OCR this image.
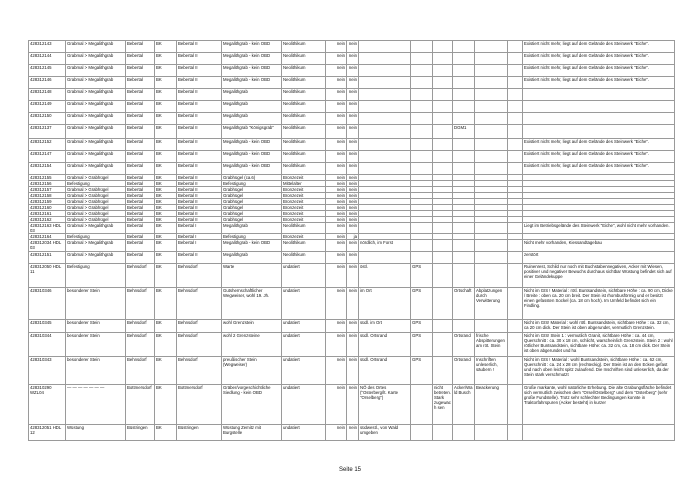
428312143	Grabmal > Megalithgrab	Bebertal	BK	Bebertal II	Megalithgrab - kein OBD	Neolithikum	nein	nein							Existiert nicht mehr, liegt auf dem Gelände des Steinwerk "Eiche".
428312144	Grabmal > Megalithgrab	Bebertal	BK	Bebertal II	Megalithgrab - kein OBD	Neolithikum	nein	nein							Existiert nicht mehr, liegt auf dem Gelände des Steinwerk "Eiche".
428312145	Grabmal > Megalithgrab	Bebertal	BK	Bebertal II	Megalithgrab - kein OBD	Neolithikum	nein	nein							Existiert nicht mehr, liegt auf dem Gelände des Steinwerk "Eiche".
428312146	Grabmal > Megalithgrab	Bebertal	BK	Bebertal II	Megalithgrab - kein OBD	Neolithikum	nein	nein							Existiert nicht mehr, liegt auf dem Gelände des Steinwerk "Eiche".
428312148	Grabmal > Megalithgrab	Bebertal	BK	Bebertal II	Megalithgrab	Neolithikum	nein	nein							
428312149	Grabmal > Megalithgrab	Bebertal	BK	Bebertal II	Megalithgrab	Neolithikum	nein	nein							
428312150	Grabmal > Megalithgrab	Bebertal	BK	Bebertal II	Megalithgrab	Neolithikum	nein	nein							
428312137	Grabmal > Megalithgrab	Bebertal	BK	Bebertal II	Megalithgrab "Königsgrab"	Neolithikum	nein	nein				DGM1			
428312152	Grabmal > Megalithgrab	Bebertal	BK	Bebertal II	Megalithgrab - kein OBD	Neolithikum	nein	nein							Existiert nicht mehr, liegt auf dem Gelände des Steinwerk "Eiche".
428312147	Grabmal > Megalithgrab	Bebertal	BK	Bebertal II	Megalithgrab - kein OBD	Neolithikum	nein	nein							Existiert nicht mehr, liegt auf dem Gelände des Steinwerk "Eiche".
428312154	Grabmal > Megalithgrab	Bebertal	BK	Bebertal II	Megalithgrab - kein OBD	Neolithikum	nein	nein							Existiert nicht mehr, liegt auf dem Gelände des Steinwerk "Eiche".
428312155	Grabmal > Grabhügel	Bebertal	BK	Bebertal II	Grabhügel (ca.6)	Bronzezeit	nein	nein							
428312156	Befestigung	Bebertal	BK	Bebertal II	Befestigung	Mittelalter	nein	nein							
428312157	Grabmal > Grabhügel	Bebertal	BK	Bebertal II	Grabhügel	Bronzezeit	nein	nein							
428312158	Grabmal > Grabhügel	Bebertal	BK	Bebertal II	Grabhügel	Bronzezeit	nein	nein							
428312159	Grabmal > Grabhügel	Bebertal	BK	Bebertal II	Grabhügel	Bronzezeit	nein	nein							
428312160	Grabmal > Grabhügel	Bebertal	BK	Bebertal II	Grabhügel	Bronzezeit	nein	nein							
428312161	Grabmal > Grabhügel	Bebertal	BK	Bebertal II	Grabhügel	Bronzezeit	nein	nein							
428312162	Grabmal > Grabhügel	Bebertal	BK	Bebertal II	Grabhügel	Bronzezeit	nein	nein							
428312163 HDL 03	Grabmal > Megalithgrab	Bebertal	BK	Bebertal I	Megalithgrab	Neolithikum	nein	nein							Liegt im Betriebsgelände des Steinwerk "Eiche", wohl nicht mehr vorhanden.
428312164	Befestigung	Bebertal	BK	Bebertal I	Befestigung	Bronzezeit	nein	ja							
428312034 HDL 03	Grabmal > Megalithgrab	Bebertal	BK	Bebertal I	Megalithgrab - kein OBD	Neolithikum	nein	nein	nördlich, im Forst						Nicht mehr vorhanden, Kiessandtagebau
428312151	Grabmal > Megalithgrab	Bebertal	BK	Bebertal II	Megalithgrab	Neolithikum	nein	nein							zerstört
428312050 HDL 11	Befestigung	Behnsdorf	BK	Behnsdorf	Warte	undatiert	nein	nein	östl.	GPS					Ruinenrest, Schild nur noch mit Buchstabennegativen, Acker mit Wiesen, positiver und negativer Bewuchs durchaus sichtbar Wüstung befindet sich auf einer Geländekuppe
428310346	besonderer Stein	Behnsdorf	BK	Behnsdorf	Gutshernschaftlicher Wegweiser, wohl 19. Jh.	undatiert	nein	nein	im Ort	GPS		Ortschaft	Abplatzungen durch Verwitterung		Nicht im GIS ! Material : rötl. Buntsandstein, sichtbare Höhe : ca. 90 cm, Dicke / Breite : oben ca. 20 cm breit. Der Stein ist rhombusförmig und er besitzt einen gefassten Sockel (ca. 18 cm hoch). Im Umfeld befindet sich ein Findling.
428310345	besonderer Stein	Behnsdorf	BK	Behnsdorf	wohl Grenzstein	undatiert	nein	nein	südl. im Ort	GPS					Nicht im GIS! Material : wohl rötl. Buntsandstein, sichtbare Höhe : ca. 32 cm, ca 20 cm dick. Der Stein ist oben abgerundet, vermutlich Grenzstein.
428310344	besonderer Stein	Behnsdorf	BK	Behnsdorf	wohl 2 Grenzsteine	undatiert	nein	nein	südl. Ortsrand	GPS		Ortsrand	frische Abspitterungen am röt. Stein		Nicht im GIS! Stein 1 : vermutlich Granit, sichtbare Höhe : ca. 44 cm, Querschnitt : ca. 30 x 18 cm, schlicht, warscheinlich Grenzstein. Stein 2 : wohl rötlicher Buntsandstein, sichtbare Höhe: ca. 32 cm, ca. 18 cm dick. Der Stein ist oben abgerundet und ha
428310343	besonderer Stein	Behnsdorf	BK	Behnsdorf	preußischer Stein (Wegweiser)	undatiert	nein	nein	südl. Ortsrand	GPS		Ortsrand	Inschriften unleserlich, säubern !		Nicht im GIS ! Material : wohl Buntsandstein, sichtbare Höhe : ca. 62 cm, Querschnitt : ca. 24 x 28 cm (rechteckig). Der Stein ist an den Ecken gefast und nach oben leicht spitz zulaufend. Die Inschriften sind unleserlich, da der Stein stark verschmutzt
428310290 WZL04	— — — — — — —	Bottmersdorf	BK	Bottmersdorf	Gräber/vorgeschichtliche Siedlung - kein OBD	undatiert	nein	nein	NÖ des Ortes ("Osterberg/lt. Karte "Orselberg")		nicht betreten. Stark zugewach sen	Acker/Wald Busch	Beackerung		Große markante, wohl natürliche Erhebung. Die alte Grabungsfläche befindet sich vermutlich zwischen dem "Orsel/Ostelberg" und dem "Osterberg" (sehr große Fundstelle). Trotz sehr schlechter Bedingungen konnte in Traktorfahrspuren (Acker besteht) in kurzer
428312051 HDL 12	Wüstung	Büstringen	BK	Büstringen	Wüstung Zemitz mit Burgstelle	undatiert	nein	nein	südwestl., von Wald umgeben						
Seite 15
